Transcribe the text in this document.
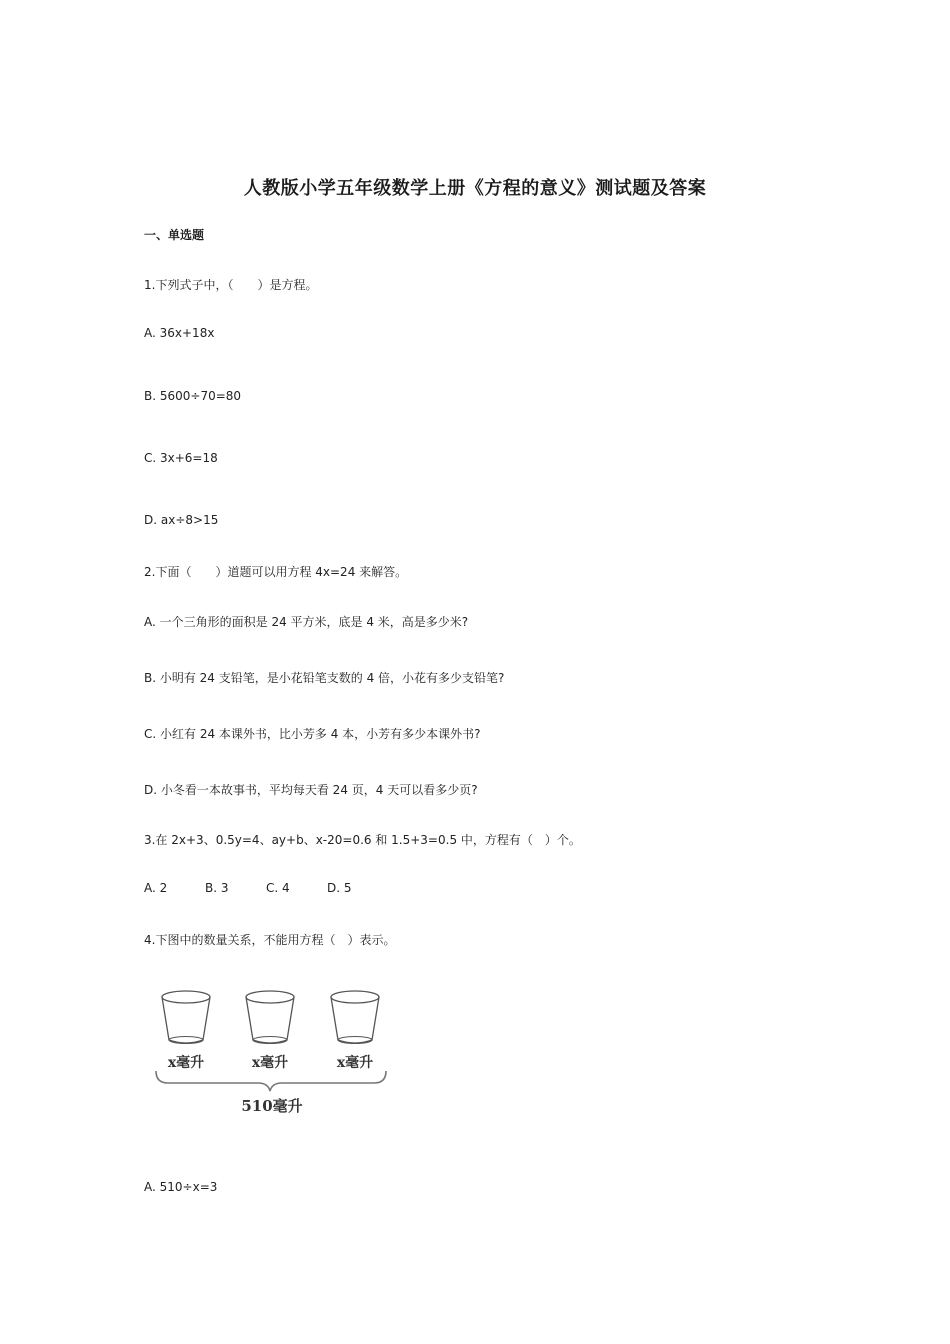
人教版小学五年级数学上册《方程的意义》测试题及答案
一、单选题
1.下列式子中，（　　）是方程。
A. 36x+18x
B. 5600÷70=80
C. 3x+6=18
D. ax÷8>15
2.下面（　　）道题可以用方程 4x=24 来解答。
A. 一个三角形的面积是 24 平方米，底是 4 米，高是多少米?
B. 小明有 24 支铅笔，是小花铅笔支数的 4 倍，小花有多少支铅笔?
C. 小红有 24 本课外书，比小芳多 4 本，小芳有多少本课外书?
D. 小冬看一本故事书，平均每天看 24 页，4 天可以看多少页?
3.在 2x+3、0.5y=4、ay+b、x-20=0.6 和 1.5+3=0.5 中，方程有（　）个。
A. 2	B. 3	C. 4	D. 5
4.下图中的数量关系，不能用方程（　）表示。
x毫升	x毫升	x毫升
510毫升
A. 510÷x=3
